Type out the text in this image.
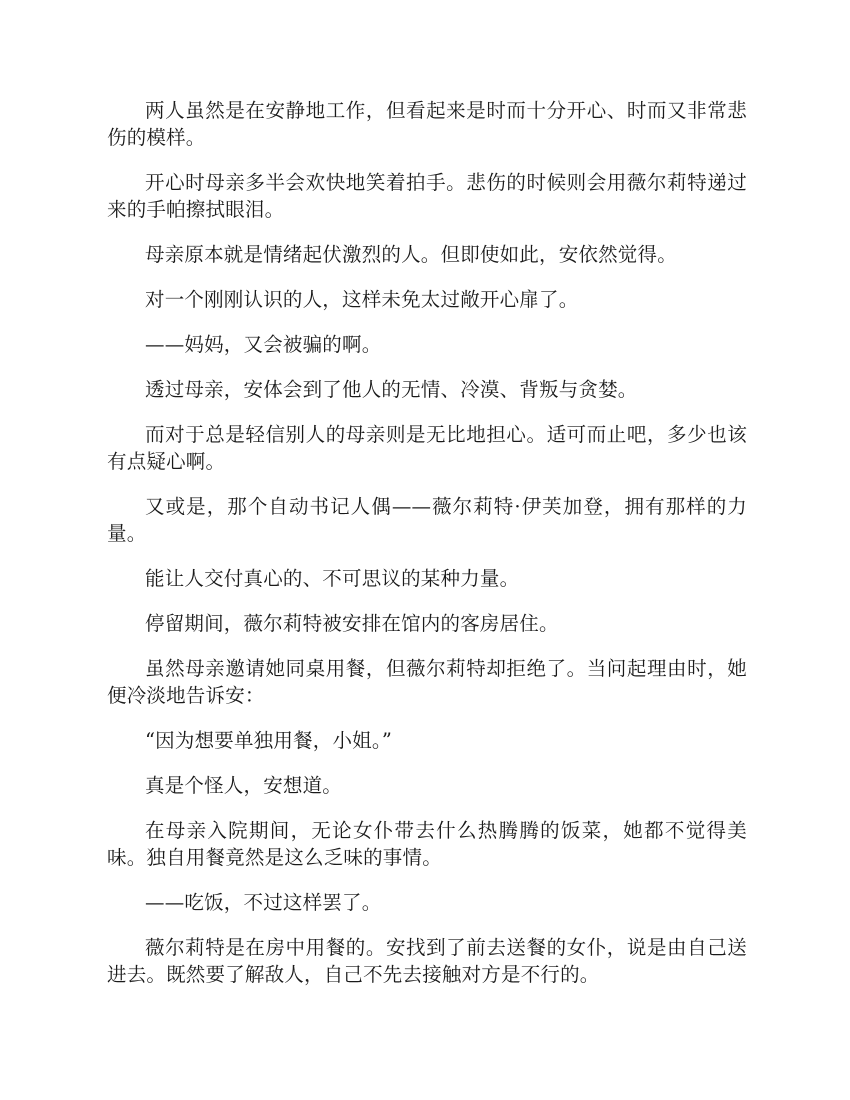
两人虽然是在安静地工作，但看起来是时而十分开心、时而又非常悲伤的模样。

开心时母亲多半会欢快地笑着拍手。悲伤的时候则会用薇尔莉特递过来的手帕擦拭眼泪。

母亲原本就是情绪起伏激烈的人。但即使如此，安依然觉得。

对一个刚刚认识的人，这样未免太过敞开心扉了。

——妈妈，又会被骗的啊。

透过母亲，安体会到了他人的无情、冷漠、背叛与贪婪。

而对于总是轻信别人的母亲则是无比地担心。适可而止吧，多少也该有点疑心啊。

又或是，那个自动书记人偶——薇尔莉特·伊芙加登，拥有那样的力量。

能让人交付真心的、不可思议的某种力量。

停留期间，薇尔莉特被安排在馆内的客房居住。

虽然母亲邀请她同桌用餐，但薇尔莉特却拒绝了。当问起理由时，她便冷淡地告诉安：

“因为想要单独用餐，小姐。”

真是个怪人，安想道。

在母亲入院期间，无论女仆带去什么热腾腾的饭菜，她都不觉得美味。独自用餐竟然是这么乏味的事情。

——吃饭，不过这样罢了。

薇尔莉特是在房中用餐的。安找到了前去送餐的女仆，说是由自己送进去。既然要了解敌人，自己不先去接触对方是不行的。
